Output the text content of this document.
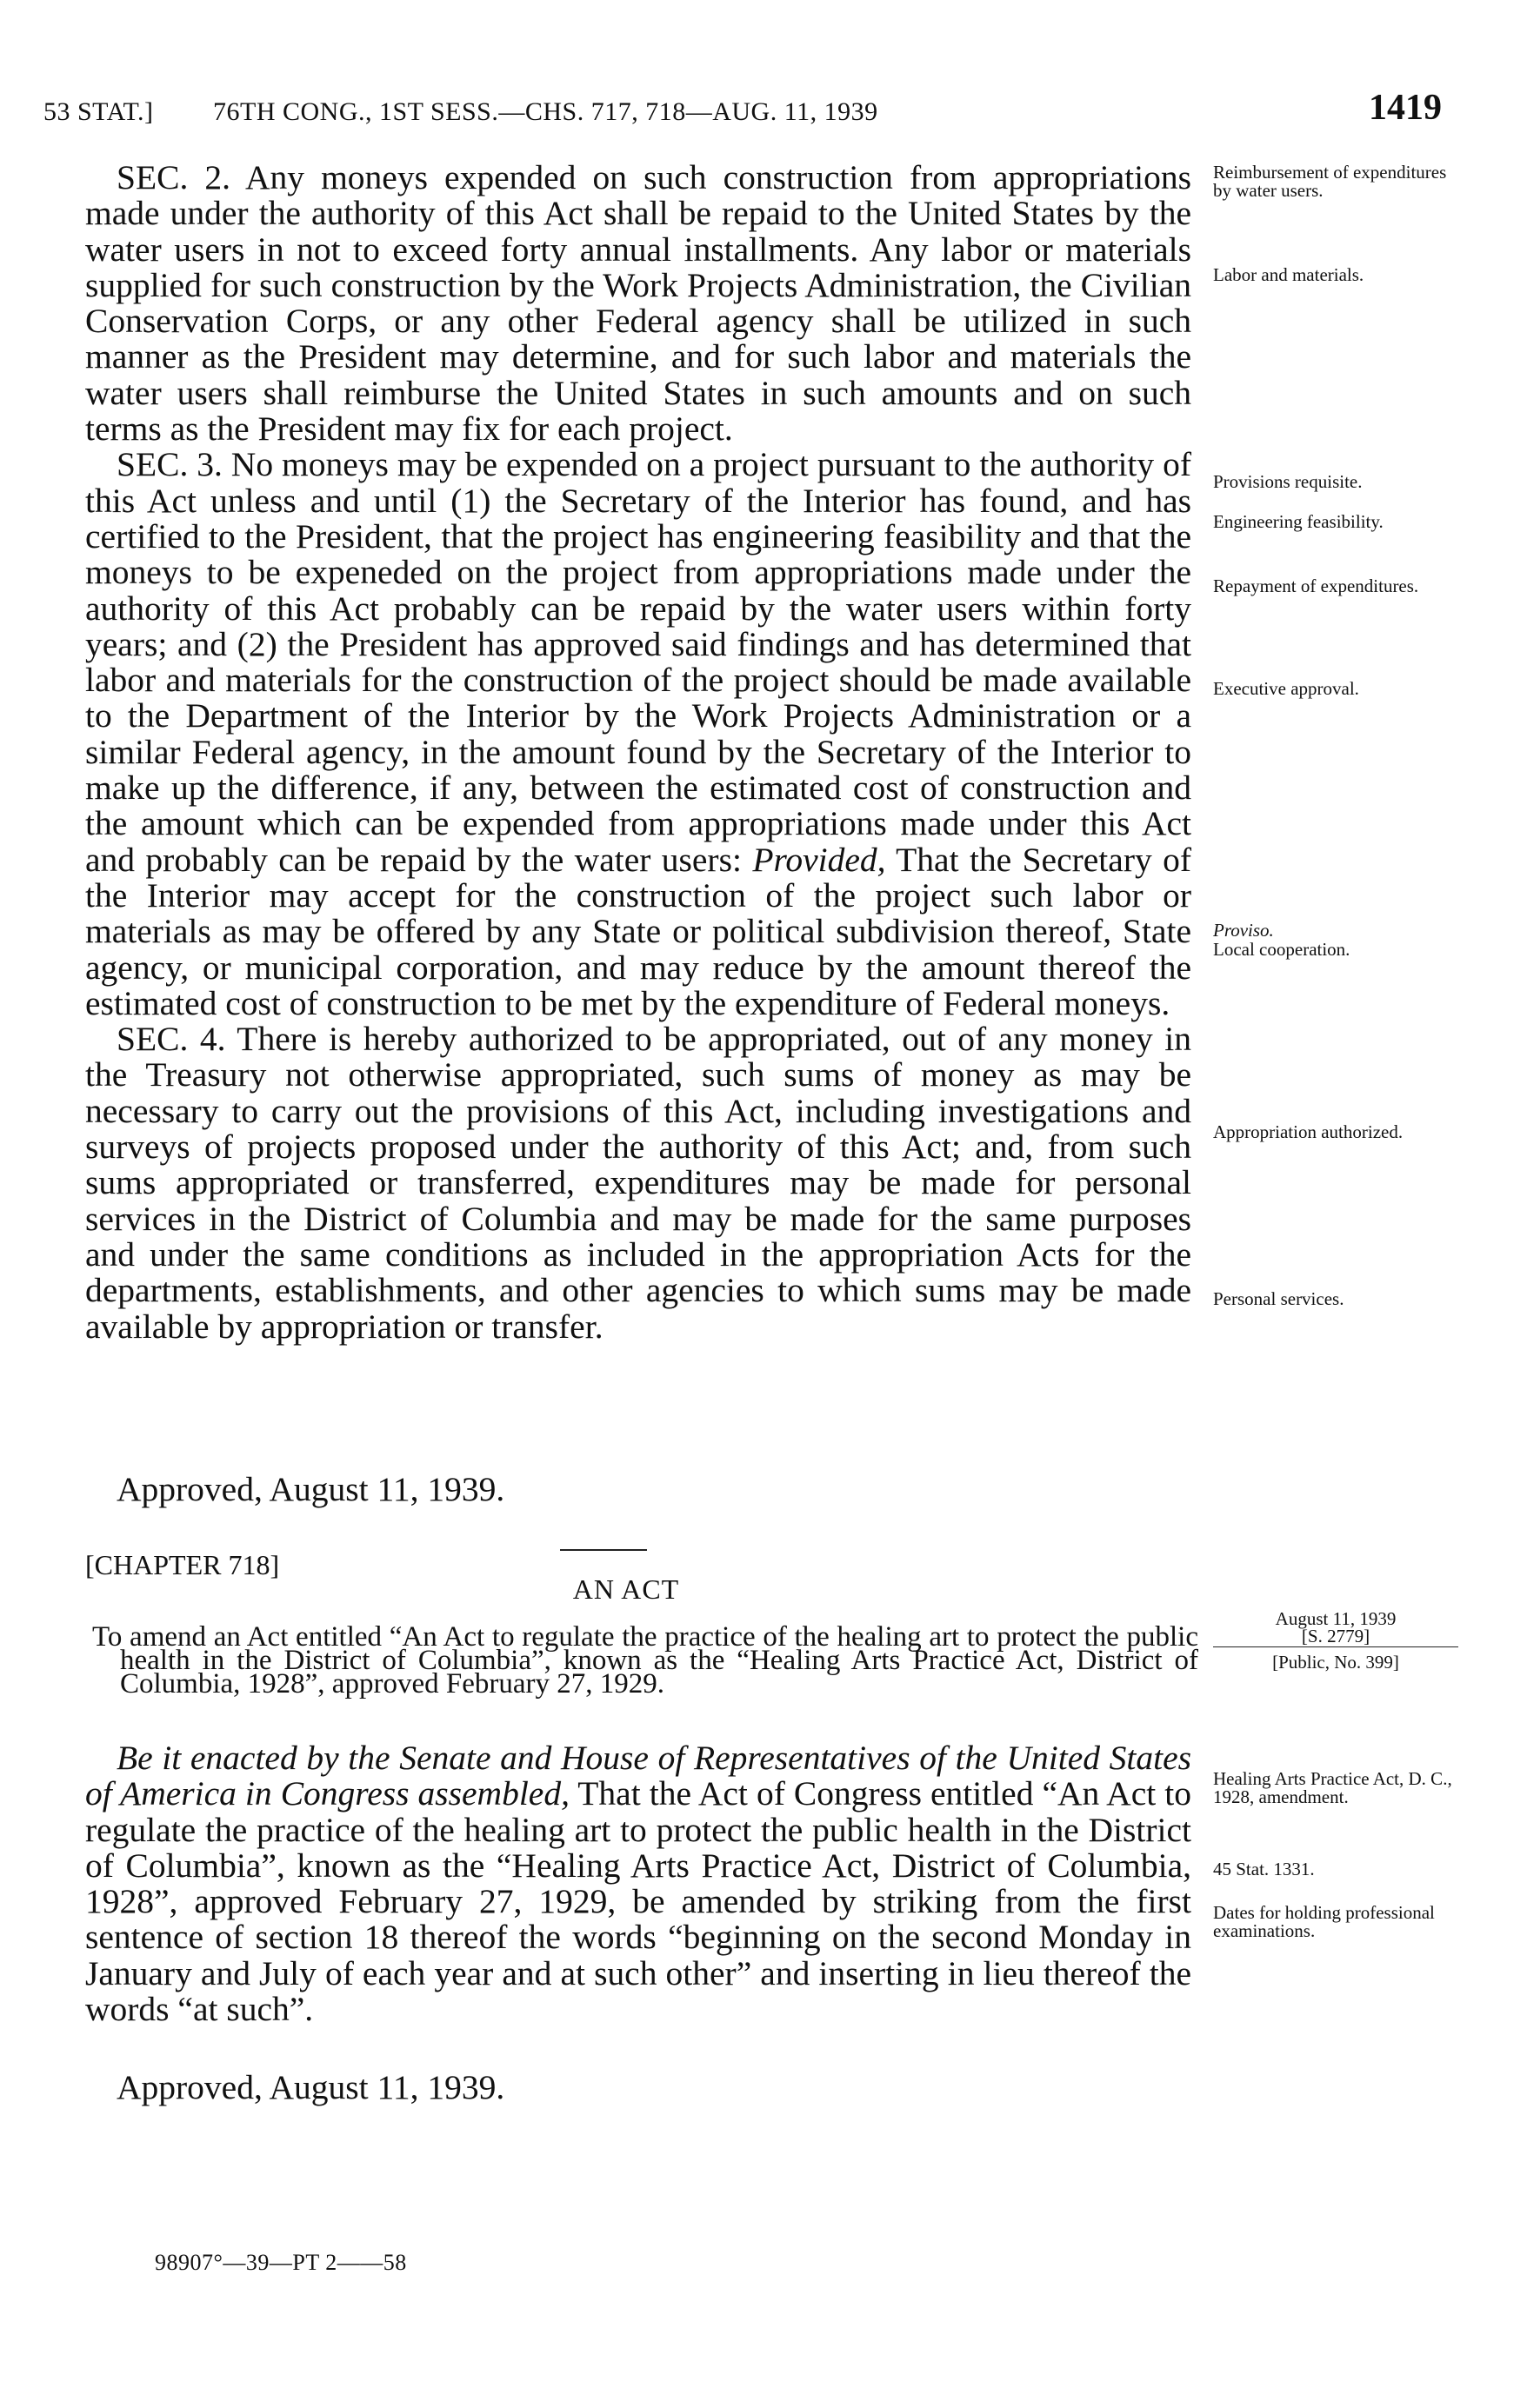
53 STAT.] 76TH CONG., 1ST SESS.—CHS. 717, 718—AUG. 11, 1939	1419

SEC. 2. Any moneys expended on such construction from appropriations made under the authority of this Act shall be repaid to the United States by the water users in not to exceed forty annual installments. Any labor or materials supplied for such construction by the Work Projects Administration, the Civilian Conservation Corps, or any other Federal agency shall be utilized in such manner as the President may determine, and for such labor and materials the water users shall reimburse the United States in such amounts and on such terms as the President may fix for each project.

SEC. 3. No moneys may be expended on a project pursuant to the authority of this Act unless and until (1) the Secretary of the Interior has found, and has certified to the President, that the project has engineering feasibility and that the moneys to be expeneded on the project from appropriations made under the authority of this Act probably can be repaid by the water users within forty years; and (2) the President has approved said findings and has determined that labor and materials for the construction of the project should be made available to the Department of the Interior by the Work Projects Administration or a similar Federal agency, in the amount found by the Secretary of the Interior to make up the difference, if any, between the estimated cost of construction and the amount which can be expended from appropriations made under this Act and probably can be repaid by the water users: Provided, That the Secretary of the Interior may accept for the construction of the project such labor or materials as may be offered by any State or political subdivision thereof, State agency, or municipal corporation, and may reduce by the amount thereof the estimated cost of construction to be met by the expenditure of Federal moneys.

SEC. 4. There is hereby authorized to be appropriated, out of any money in the Treasury not otherwise appropriated, such sums of money as may be necessary to carry out the provisions of this Act, including investigations and surveys of projects proposed under the authority of this Act; and, from such sums appropriated or transferred, expenditures may be made for personal services in the District of Columbia and may be made for the same purposes and under the same conditions as included in the appropriation Acts for the departments, establishments, and other agencies to which sums may be made available by appropriation or transfer.

Approved, August 11, 1939.
Reimbursement of expenditures by water users.
Labor and materials.
Provisions requisite.
Engineering feasibility.
Repayment of expenditures.
Executive approval.
Proviso.
Local cooperation.
Appropriation authorized.
Personal services.
[CHAPTER 718]
AN ACT
To amend an Act entitled “An Act to regulate the practice of the healing art to protect the public health in the District of Columbia”, known as the “Healing Arts Practice Act, District of Columbia, 1928”, approved February 27, 1929.
August 11, 1939
[S. 2779]
[Public, No. 399]

Be it enacted by the Senate and House of Representatives of the United States of America in Congress assembled, That the Act of Congress entitled “An Act to regulate the practice of the healing art to protect the public health in the District of Columbia”, known as the “Healing Arts Practice Act, District of Columbia, 1928”, approved February 27, 1929, be amended by striking from the first sentence of section 18 thereof the words “beginning on the second Monday in January and July of each year and at such other” and inserting in lieu thereof the words “at such”.

Approved, August 11, 1939.
Healing Arts Practice Act, D. C., 1928, amendment.
45 Stat. 1331.
Dates for holding professional examinations.
98907°—39—PT 2——58
